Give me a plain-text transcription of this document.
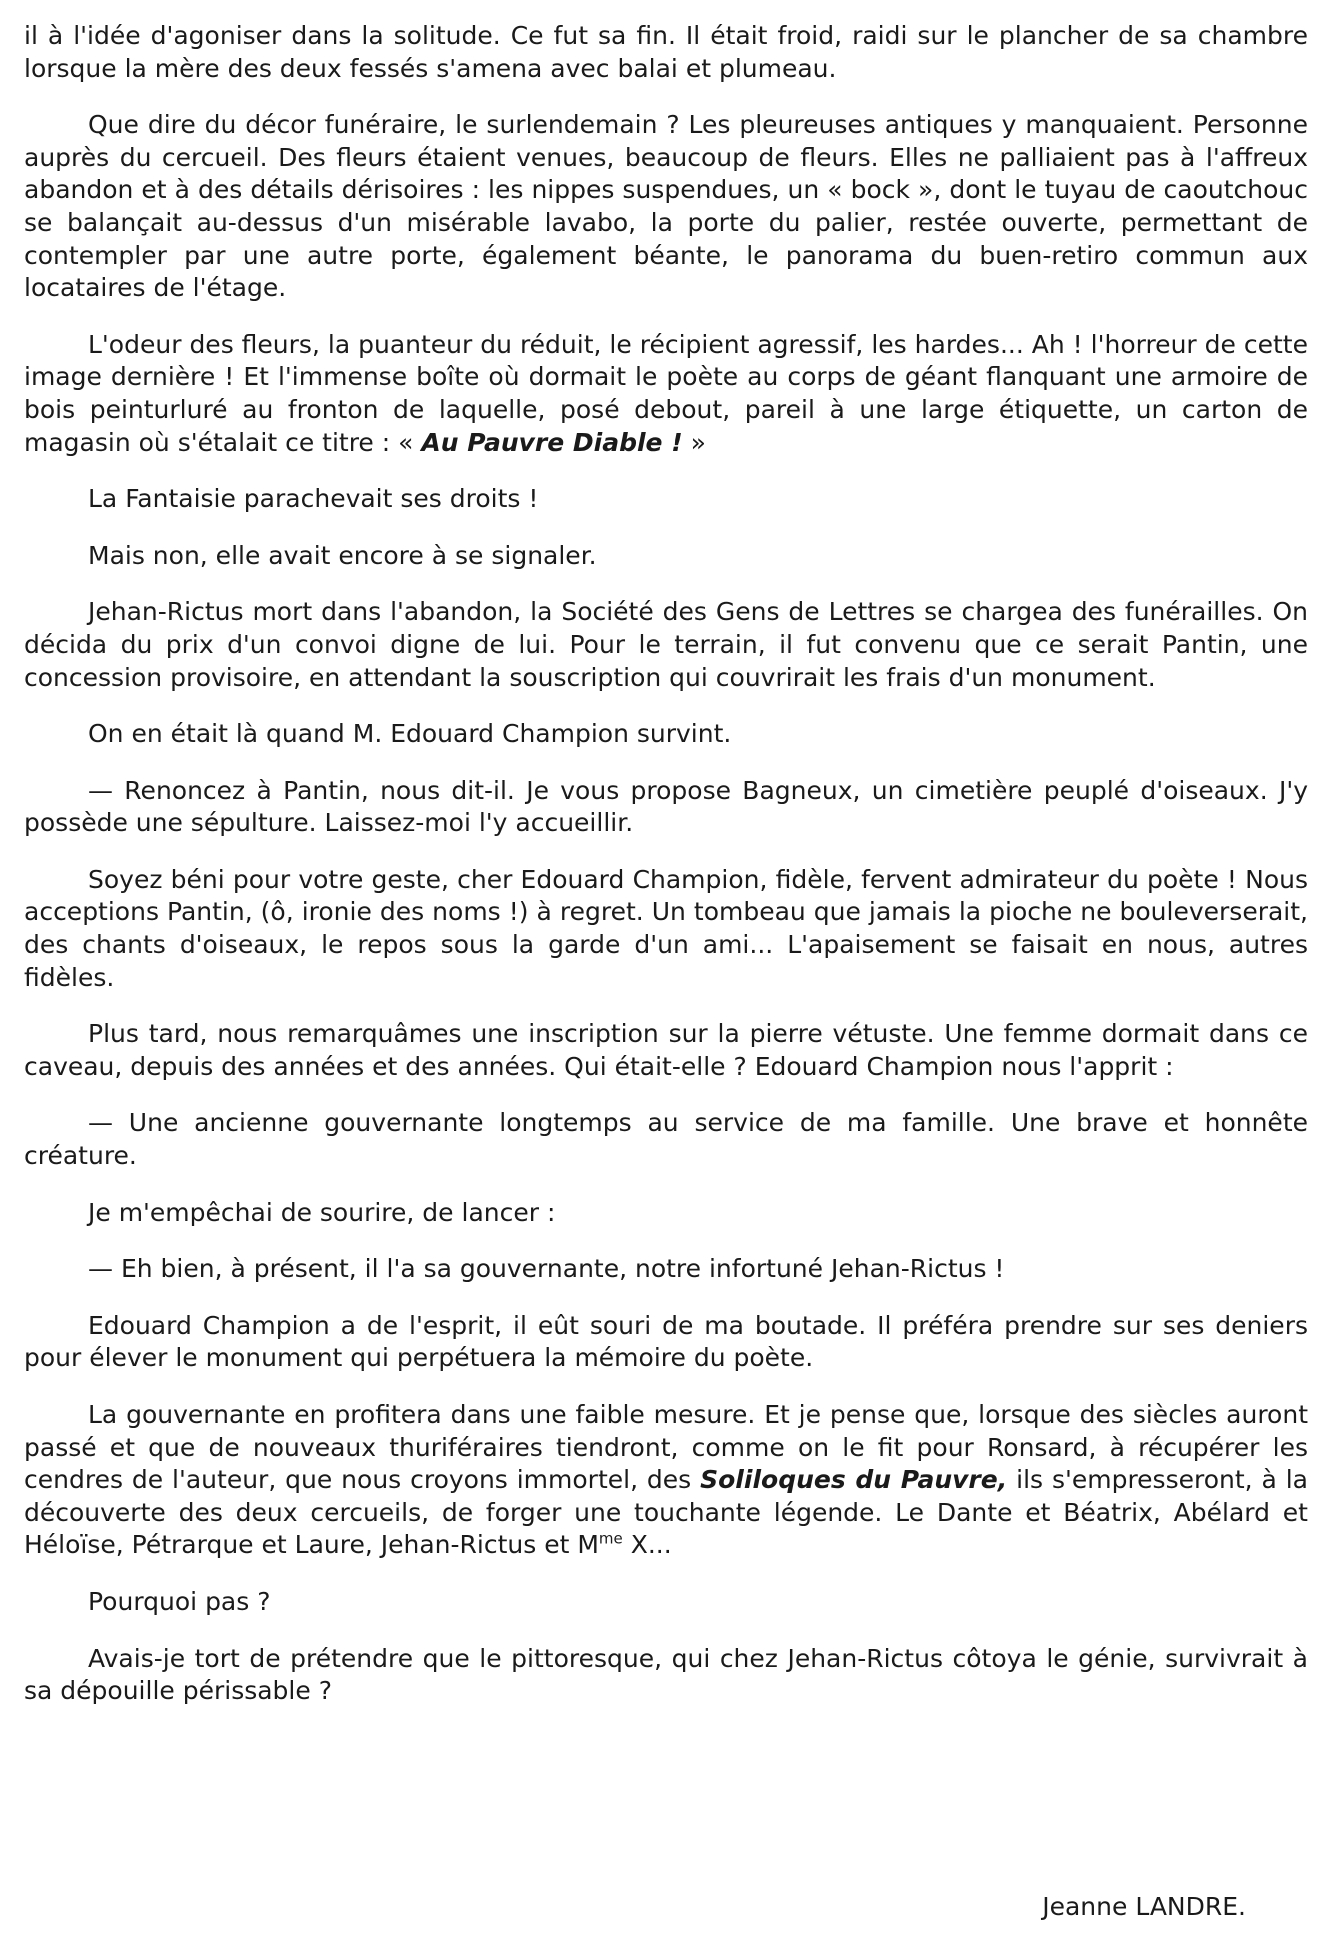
il à l'idée d'agoniser dans la solitude. Ce fut sa fin. Il était froid, raidi sur le plancher de sa chambre lorsque la mère des deux fessés s'amena avec balai et plumeau.

Que dire du décor funéraire, le surlendemain ? Les pleureuses antiques y manquaient. Personne auprès du cercueil. Des fleurs étaient venues, beaucoup de fleurs. Elles ne palliaient pas à l'affreux abandon et à des détails dérisoires : les nippes suspendues, un « bock », dont le tuyau de caoutchouc se balançait au-dessus d'un misérable lavabo, la porte du palier, restée ouverte, permettant de contempler par une autre porte, également béante, le panorama du buen-retiro commun aux locataires de l'étage.

L'odeur des fleurs, la puanteur du réduit, le récipient agressif, les hardes... Ah ! l'horreur de cette image dernière ! Et l'immense boîte où dormait le poète au corps de géant flanquant une armoire de bois peinturluré au fronton de laquelle, posé debout, pareil à une large étiquette, un carton de magasin où s'étalait ce titre : « Au Pauvre Diable ! »

La Fantaisie parachevait ses droits !

Mais non, elle avait encore à se signaler.

Jehan-Rictus mort dans l'abandon, la Société des Gens de Lettres se chargea des funérailles. On décida du prix d'un convoi digne de lui. Pour le terrain, il fut convenu que ce serait Pantin, une concession provisoire, en attendant la souscription qui couvrirait les frais d'un monument.

On en était là quand M. Edouard Champion survint.

— Renoncez à Pantin, nous dit-il. Je vous propose Bagneux, un cimetière peuplé d'oiseaux. J'y possède une sépulture. Laissez-moi l'y accueillir.

Soyez béni pour votre geste, cher Edouard Champion, fidèle, fervent admirateur du poète ! Nous acceptions Pantin, (ô, ironie des noms !) à regret. Un tombeau que jamais la pioche ne bouleverserait, des chants d'oiseaux, le repos sous la garde d'un ami... L'apaisement se faisait en nous, autres fidèles.

Plus tard, nous remarquâmes une inscription sur la pierre vétuste. Une femme dormait dans ce caveau, depuis des années et des années. Qui était-elle ? Edouard Champion nous l'apprit :

— Une ancienne gouvernante longtemps au service de ma famille. Une brave et honnête créature.

Je m'empêchai de sourire, de lancer :

— Eh bien, à présent, il l'a sa gouvernante, notre infortuné Jehan-Rictus !

Edouard Champion a de l'esprit, il eût souri de ma boutade. Il préféra prendre sur ses deniers pour élever le monument qui perpétuera la mémoire du poète.

La gouvernante en profitera dans une faible mesure. Et je pense que, lorsque des siècles auront passé et que de nouveaux thuriféraires tiendront, comme on le fit pour Ronsard, à récupérer les cendres de l'auteur, que nous croyons immortel, des Soliloques du Pauvre, ils s'empresseront, à la découverte des deux cercueils, de forger une touchante légende. Le Dante et Béatrix, Abélard et Héloïse, Pétrarque et Laure, Jehan-Rictus et $M^{me}$ X...

Pourquoi pas ?

Avais-je tort de prétendre que le pittoresque, qui chez Jehan-Rictus côtoya le génie, survivrait à sa dépouille périssable ?

Jeanne LANDRE.
